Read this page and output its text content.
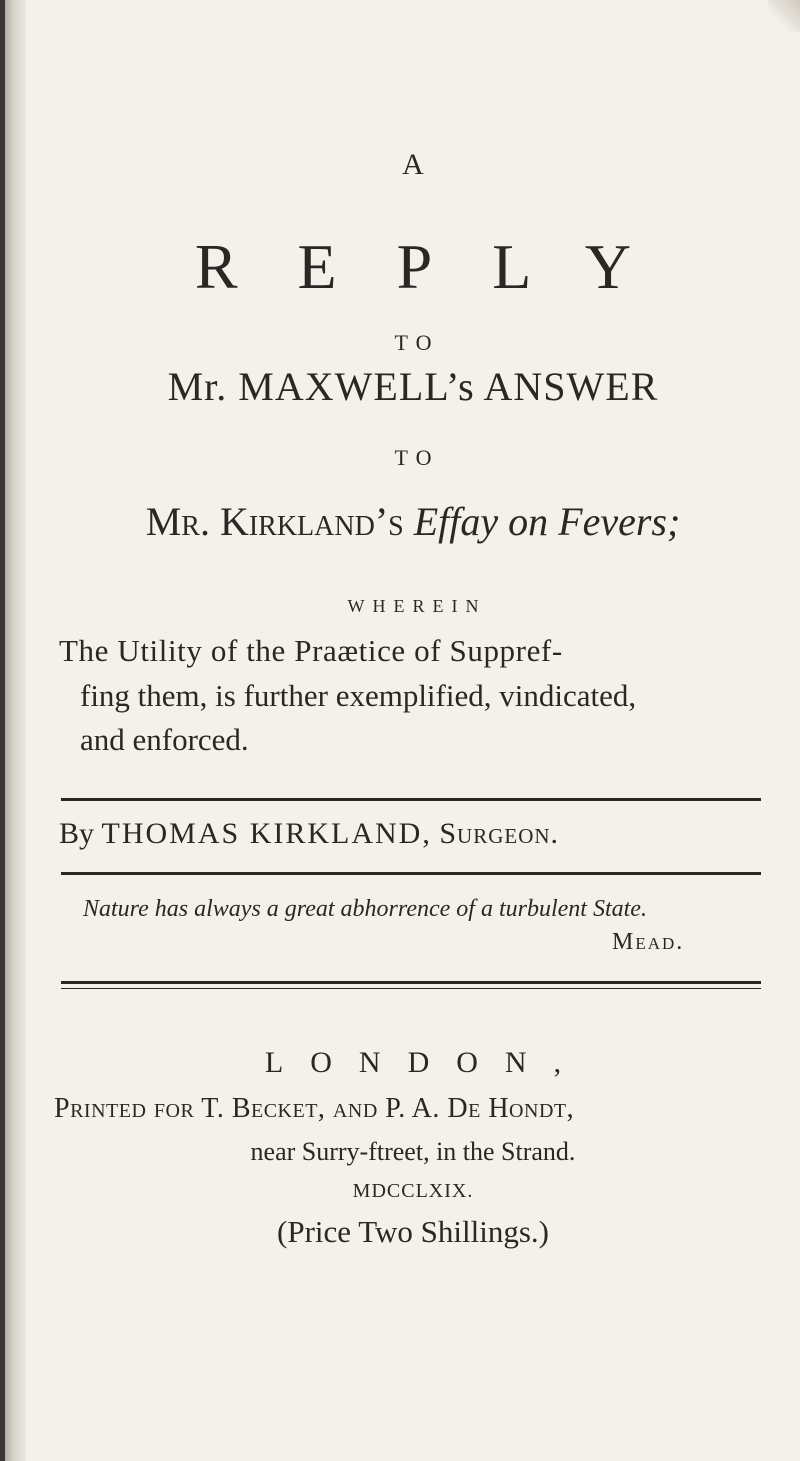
A
REPLY
TO
Mr. MAXWELL’s ANSWER
TO
Mr. Kirkland’s Effay on Fevers;
WHEREIN
The Utility of the Praætice of Suppref-
fing them, is further exemplified, vindicated,
and enforced.
By THOMAS KIRKLAND, Surgeon.
Nature has always a great abhorrence of a turbulent State.
Mead.
LONDON,
Printed for T. Becket, and P. A. De Hondt,
near Surry-ftreet, in the Strand.
MDCCLXIX.
(Price Two Shillings.)
